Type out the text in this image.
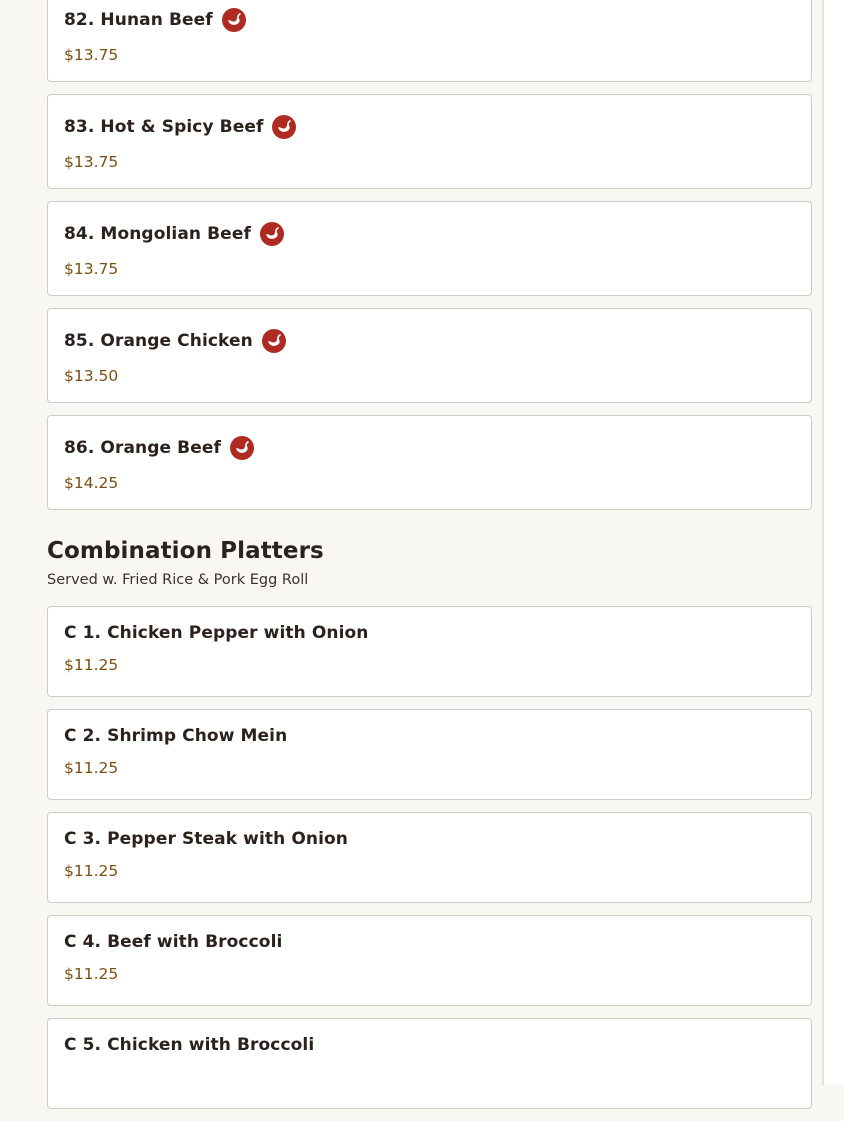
82. Hunan Beef
$13.75
83. Hot & Spicy Beef
$13.75
84. Mongolian Beef
$13.75
85. Orange Chicken
$13.50
86. Orange Beef
$14.25
Combination Platters
Served w. Fried Rice & Pork Egg Roll
C 1. Chicken Pepper with Onion
$11.25
C 2. Shrimp Chow Mein
$11.25
C 3. Pepper Steak with Onion
$11.25
C 4. Beef with Broccoli
$11.25
C 5. Chicken with Broccoli
